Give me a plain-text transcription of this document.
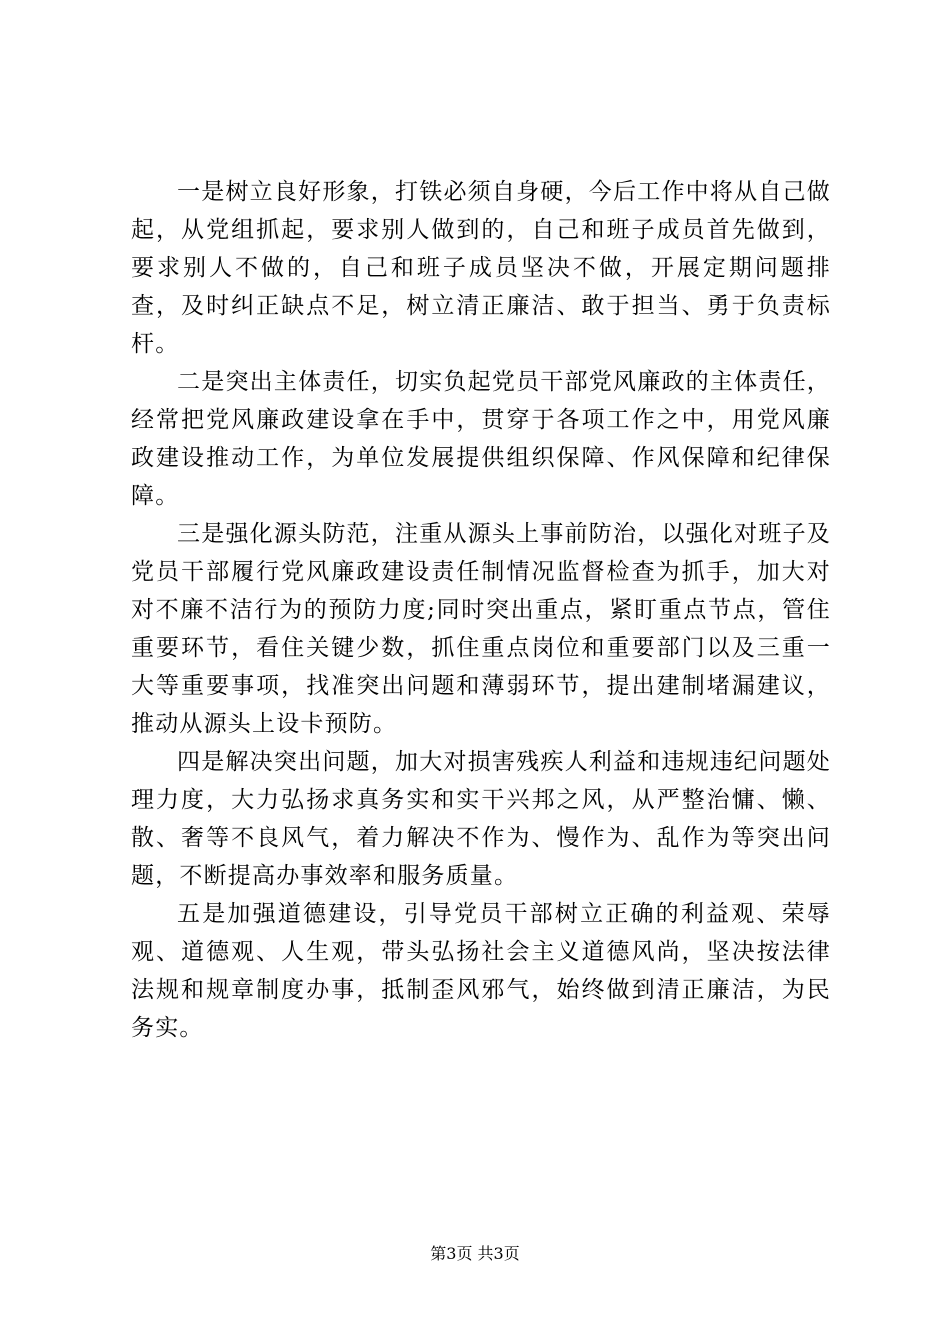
一是树立良好形象，打铁必须自身硬，今后工作中将从自己做起，从党组抓起，要求别人做到的，自己和班子成员首先做到，要求别人不做的，自己和班子成员坚决不做，开展定期问题排查，及时纠正缺点不足，树立清正廉洁、敢于担当、勇于负责标杆。

二是突出主体责任，切实负起党员干部党风廉政的主体责任，经常把党风廉政建设拿在手中，贯穿于各项工作之中，用党风廉政建设推动工作，为单位发展提供组织保障、作风保障和纪律保障。

三是强化源头防范，注重从源头上事前防治，以强化对班子及党员干部履行党风廉政建设责任制情况监督检查为抓手，加大对对不廉不洁行为的预防力度;同时突出重点，紧盯重点节点，管住重要环节，看住关键少数，抓住重点岗位和重要部门以及三重一大等重要事项，找准突出问题和薄弱环节，提出建制堵漏建议，推动从源头上设卡预防。

四是解决突出问题，加大对损害残疾人利益和违规违纪问题处理力度，大力弘扬求真务实和实干兴邦之风，从严整治慵、懒、散、奢等不良风气，着力解决不作为、慢作为、乱作为等突出问题，不断提高办事效率和服务质量。

五是加强道德建设，引导党员干部树立正确的利益观、荣辱观、道德观、人生观，带头弘扬社会主义道德风尚，坚决按法律法规和规章制度办事，抵制歪风邪气，始终做到清正廉洁，为民务实。

第3页 共3页
